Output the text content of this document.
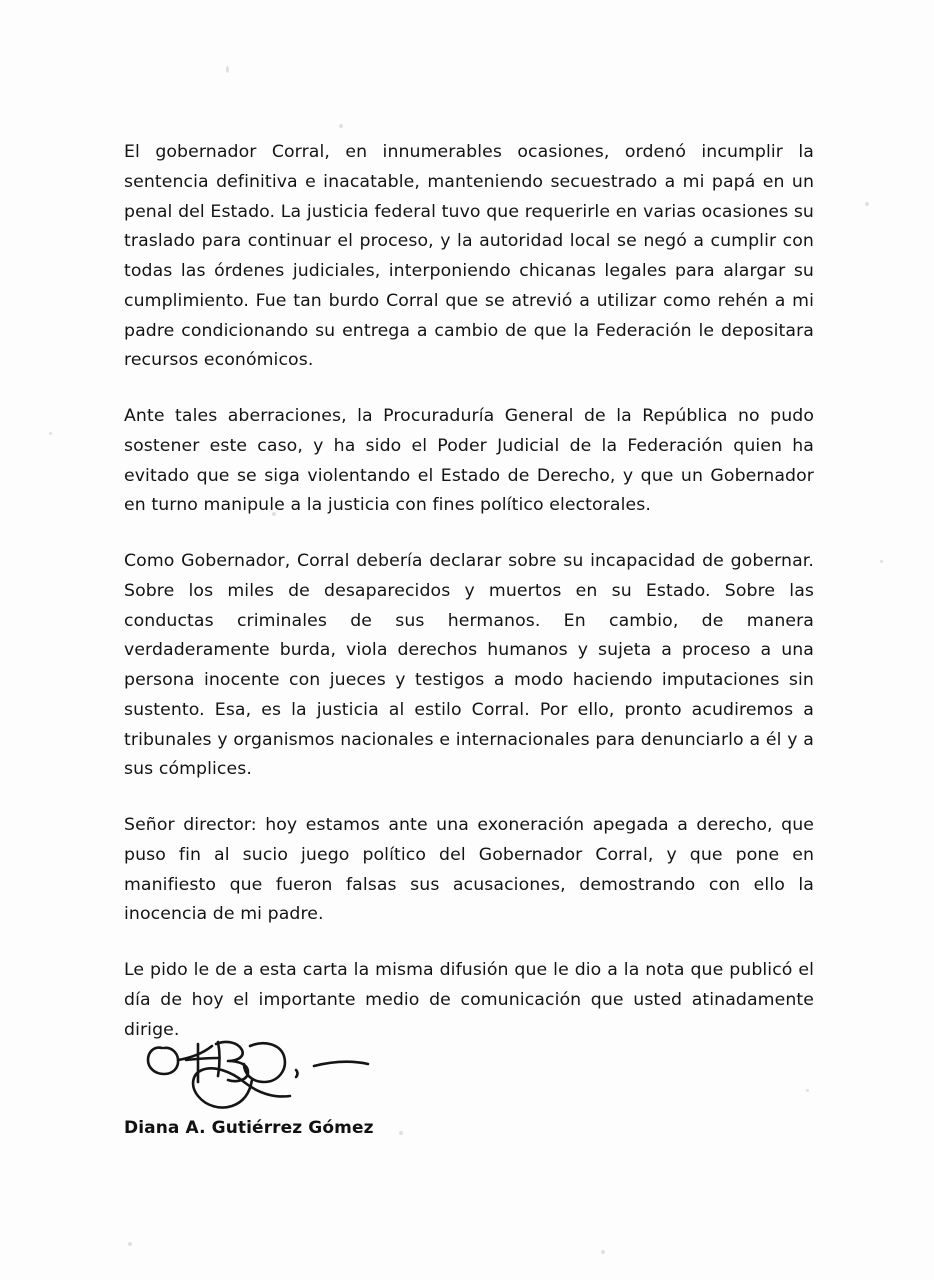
El gobernador Corral, en innumerables ocasiones, ordenó incumplir la sentencia definitiva e inacatable, manteniendo secuestrado a mi papá en un penal del Estado. La justicia federal tuvo que requerirle en varias ocasiones su traslado para continuar el proceso, y la autoridad local se negó a cumplir con todas las órdenes judiciales, interponiendo chicanas legales para alargar su cumplimiento. Fue tan burdo Corral que se atrevió a utilizar como rehén a mi padre condicionando su entrega a cambio de que la Federación le depositara recursos económicos.

Ante tales aberraciones, la Procuraduría General de la República no pudo sostener este caso, y ha sido el Poder Judicial de la Federación quien ha evitado que se siga violentando el Estado de Derecho, y que un Gobernador en turno manipule a la justicia con fines político electorales.

Como Gobernador, Corral debería declarar sobre su incapacidad de gobernar. Sobre los miles de desaparecidos y muertos en su Estado. Sobre las conductas criminales de sus hermanos. En cambio, de manera verdaderamente burda, viola derechos humanos y sujeta a proceso a una persona inocente con jueces y testigos a modo haciendo imputaciones sin sustento. Esa, es la justicia al estilo Corral. Por ello, pronto acudiremos a tribunales y organismos nacionales e internacionales para denunciarlo a él y a sus cómplices.

Señor director: hoy estamos ante una exoneración apegada a derecho, que puso fin al sucio juego político del Gobernador Corral, y que pone en manifiesto que fueron falsas sus acusaciones, demostrando con ello la inocencia de mi padre.

Le pido le de a esta carta la misma difusión que le dio a la nota que publicó el día de hoy el importante medio de comunicación que usted atinadamente dirige.

Diana A. Gutiérrez Gómez
